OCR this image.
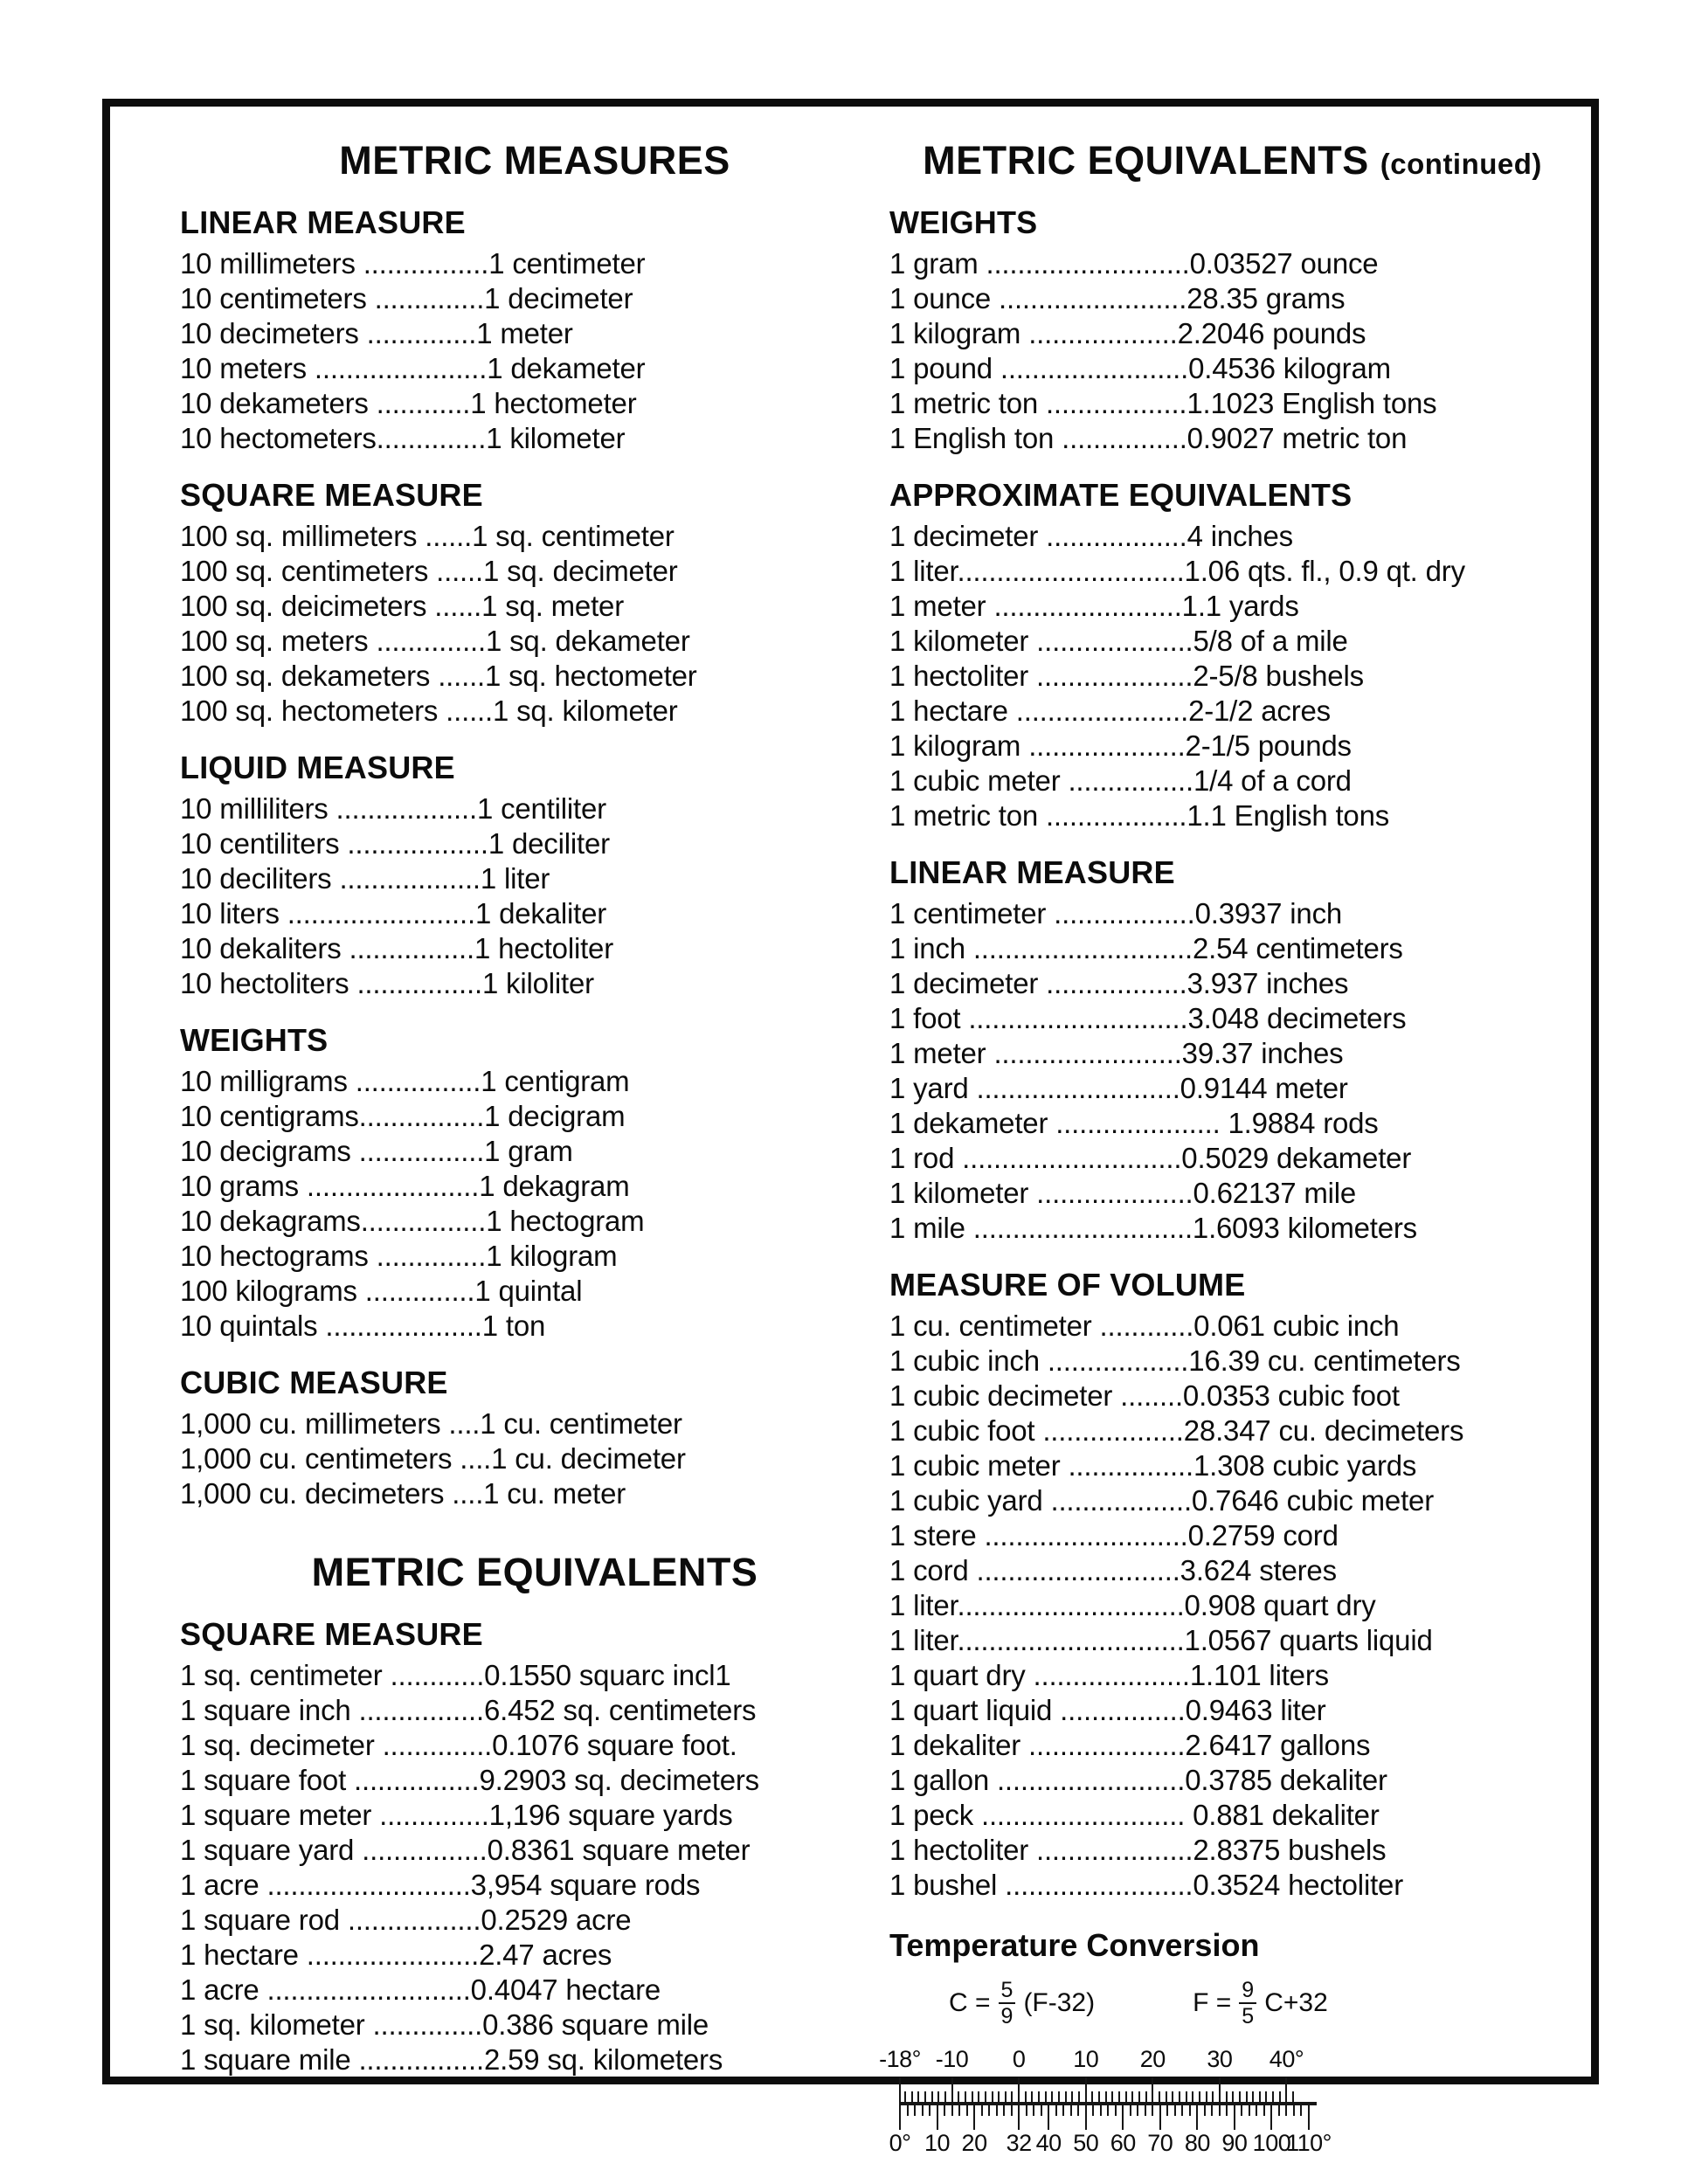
METRIC MEASURES
LINEAR MEASURE
10 millimeters ................1 centimeter
10 centimeters ..............1 decimeter
10 decimeters ..............1 meter
10 meters ......................1 dekameter
10 dekameters ............1 hectometer
10 hectometers..............1 kilometer
SQUARE MEASURE
100 sq. millimeters ......1 sq. centimeter
100 sq. centimeters ......1 sq. decimeter
100 sq. deicimeters ......1 sq. meter
100 sq. meters ..............1 sq. dekameter
100 sq. dekameters ......1 sq. hectometer
100 sq. hectometers ......1 sq. kilometer
LIQUID MEASURE
10 milliliters ..................1 centiliter
10 centiliters ..................1 deciliter
10 deciliters ..................1 liter
10 liters ........................1 dekaliter
10 dekaliters ................1 hectoliter
10 hectoliters ................1 kiloliter
WEIGHTS
10 milligrams ................1 centigram
10 centigrams................1 decigram
10 decigrams ................1 gram
10 grams ......................1 dekagram
10 dekagrams................1 hectogram
10 hectograms ..............1 kilogram
100 kilograms ..............1 quintal
10 quintals ....................1 ton
CUBIC MEASURE
1,000 cu. millimeters ....1 cu. centimeter
1,000 cu. centimeters ....1 cu. decimeter
1,000 cu. decimeters ....1 cu. meter
METRIC EQUIVALENTS
SQUARE MEASURE
1 sq. centimeter ............0.1550 squarc incl1
1 square inch ................6.452 sq. centimeters
1 sq. decimeter ..............0.1076 square foot.
1 square foot ................9.2903 sq. decimeters
1 square meter ..............1,196 square yards
1 square yard ................0.8361 square meter
1 acre ..........................3,954 square rods
1 square rod .................0.2529 acre
1 hectare ......................2.47 acres
1 acre ..........................0.4047 hectare
1 sq. kilometer ..............0.386 square mile
1 square mile ................2.59 sq. kilometers
METRIC EQUIVALENTS (continued)
WEIGHTS
1 gram ..........................0.03527 ounce
1 ounce ........................28.35 grams
1 kilogram ...................2.2046 pounds
1 pound ........................0.4536 kilogram
1 metric ton ..................1.1023 English tons
1 English ton ................0.9027 metric ton
APPROXIMATE EQUIVALENTS
1 decimeter ..................4 inches
1 liter.............................1.06 qts. fl., 0.9 qt. dry
1 meter ........................1.1 yards
1 kilometer ....................5/8 of a mile
1 hectoliter ....................2-5/8 bushels
1 hectare ......................2-1/2 acres
1 kilogram ....................2-1/5 pounds
1 cubic meter ................1/4 of a cord
1 metric ton ..................1.1 English tons
LINEAR MEASURE
1 centimeter ..................0.3937 inch
1 inch ............................2.54 centimeters
1 decimeter ..................3.937 inches
1 foot ............................3.048 decimeters
1 meter ........................39.37 inches
1 yard ..........................0.9144 meter
1 dekameter ..................... 1.9884 rods
1 rod ............................0.5029 dekameter
1 kilometer ....................0.62137 mile
1 mile ............................1.6093 kilometers
MEASURE OF VOLUME
1 cu. centimeter ............0.061 cubic inch
1 cubic inch ..................16.39 cu. centimeters
1 cubic decimeter ........0.0353 cubic foot
1 cubic foot ..................28.347 cu. decimeters
1 cubic meter ................1.308 cubic yards
1 cubic yard ..................0.7646 cubic meter
1 stere ..........................0.2759 cord
1 cord ..........................3.624 steres
1 liter.............................0.908 quart dry
1 liter.............................1.0567 quarts liquid
1 quart dry ....................1.101 liters
1 quart liquid ................0.9463 liter
1 dekaliter ....................2.6417 gallons
1 gallon ........................0.3785 dekaliter
1 peck .......................... 0.881 dekaliter
1 hectoliter ....................2.8375 bushels
1 bushel ........................0.3524 hectoliter
Temperature Conversion
$C = \frac{5}{9} (F-32)$	$F = \frac{9}{5} C+32$
-18° -10 0 10 20 30 40°
0° 10 20 32 40 50 60 70 80 90 100
110°
